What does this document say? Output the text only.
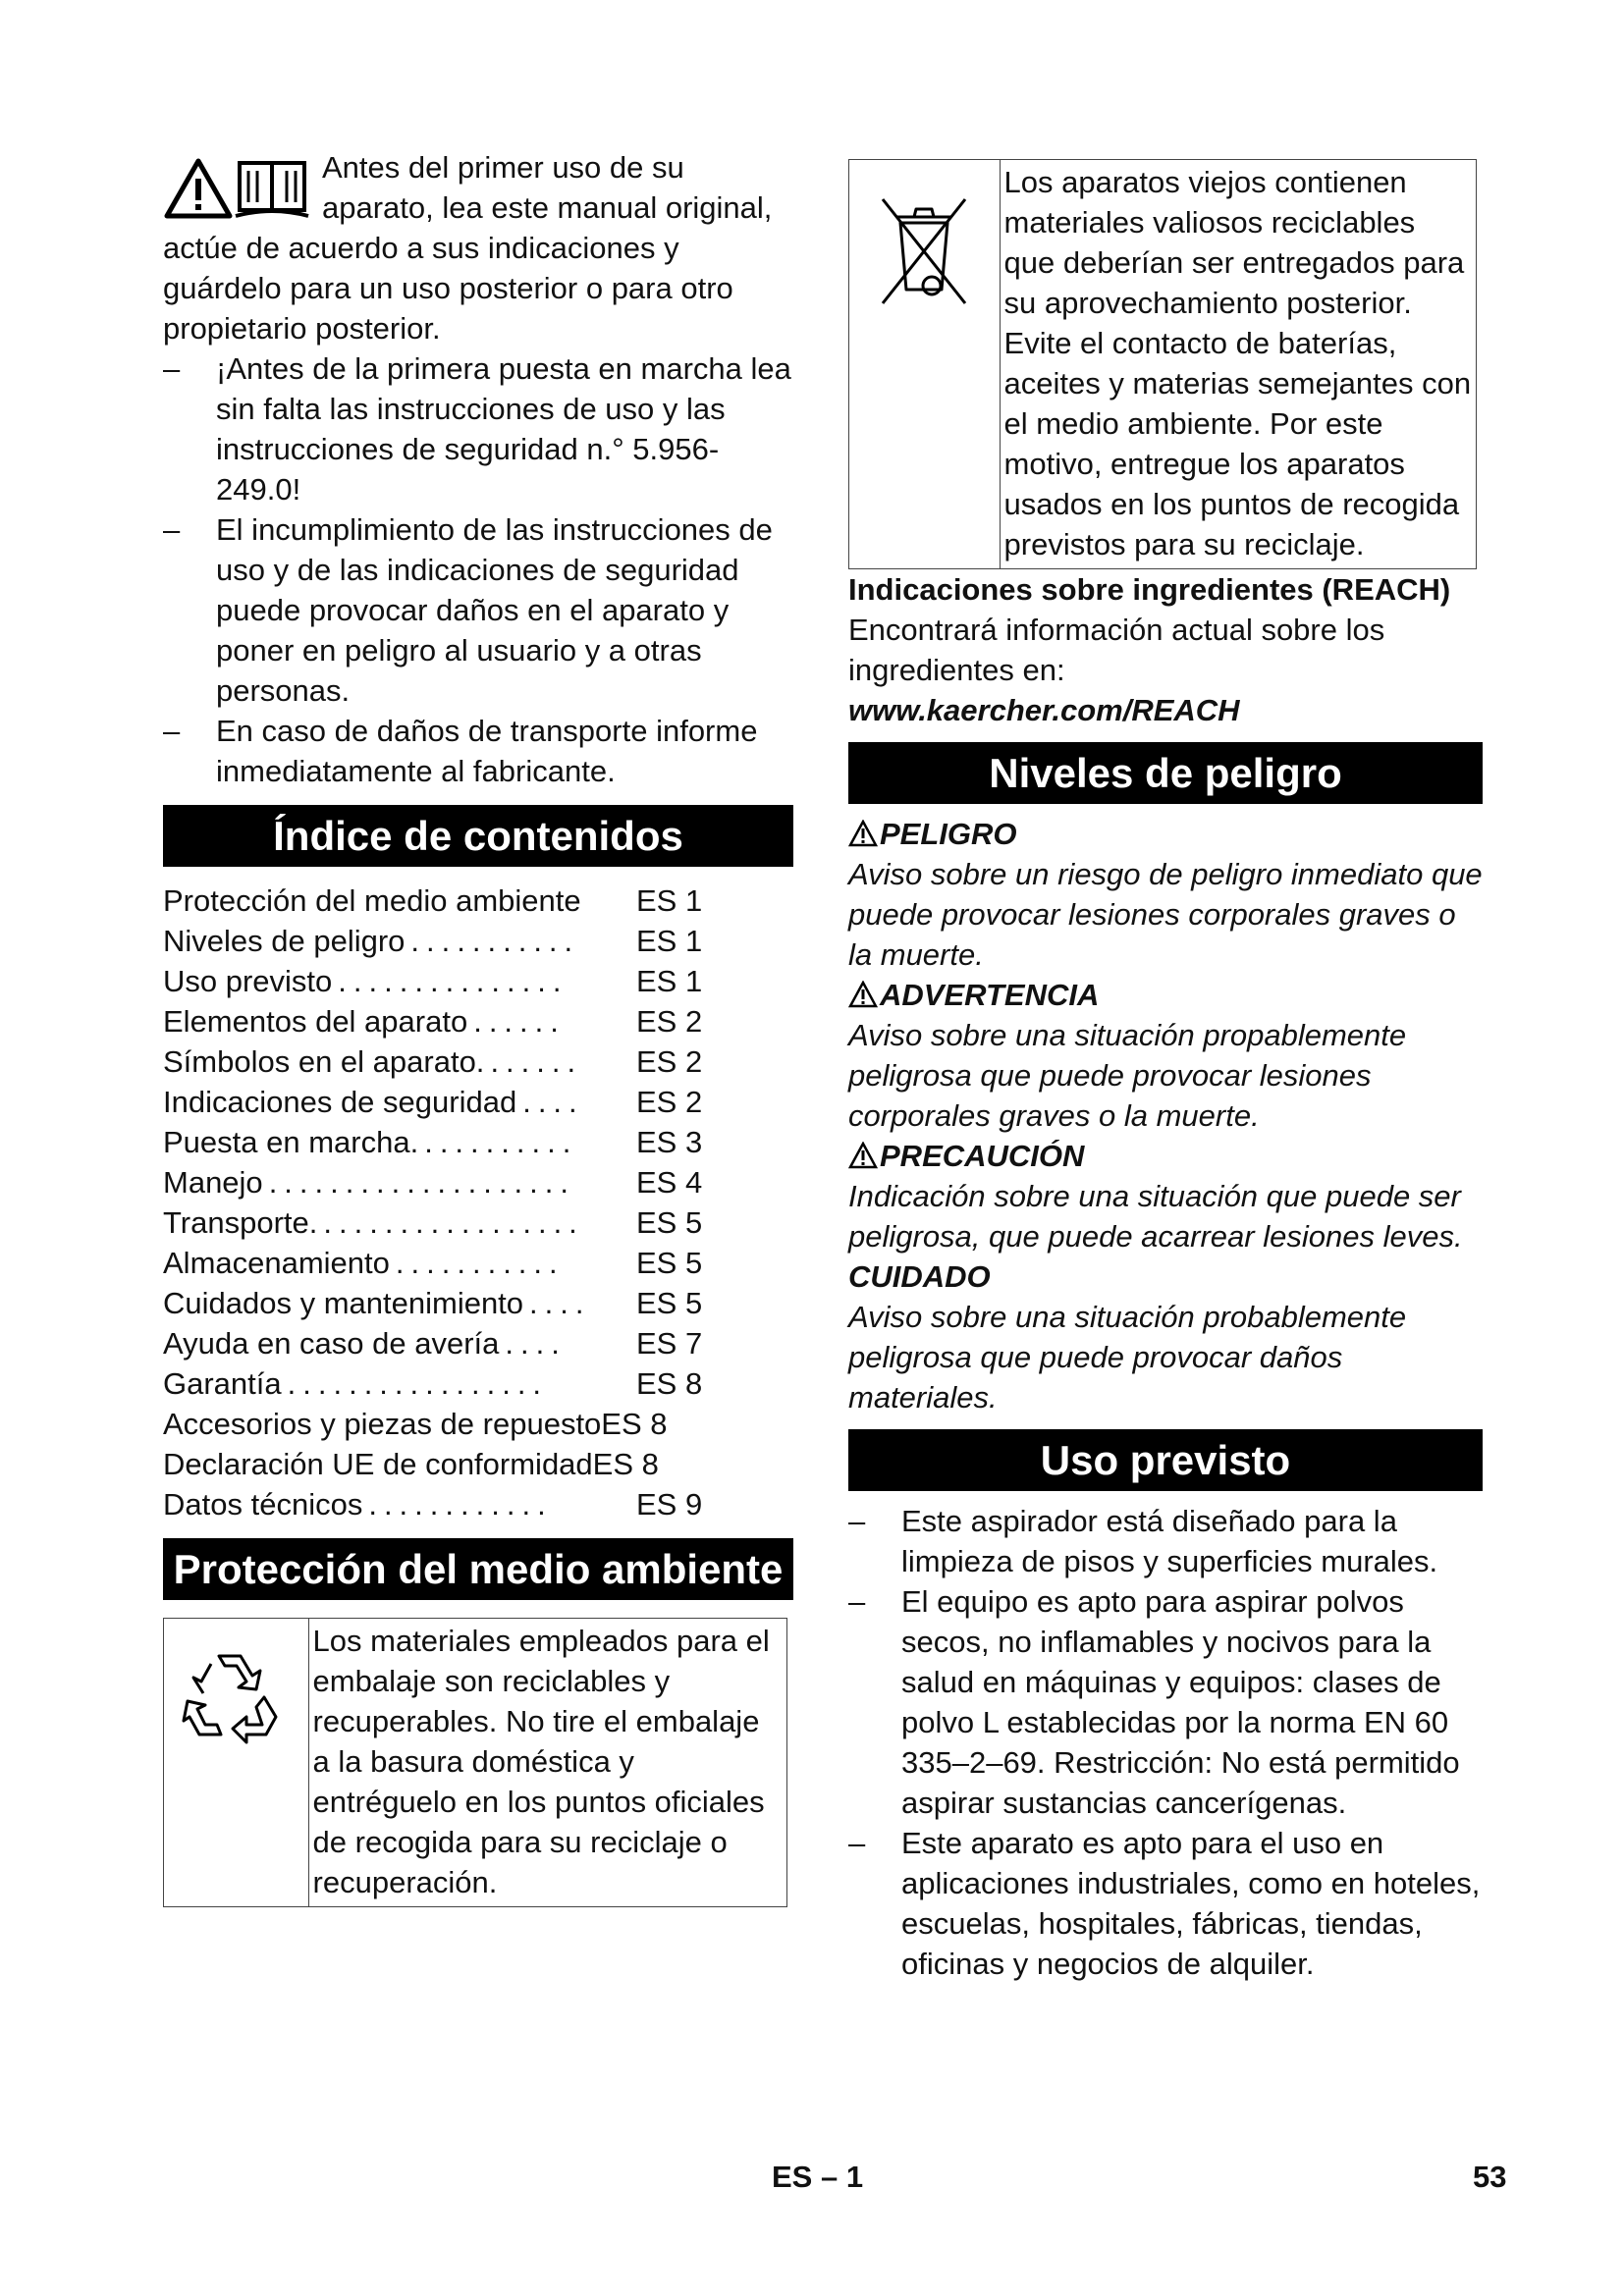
Antes del primer uso de su aparato, lea este manual original, actúe de acuerdo a sus indicaciones y guárdelo para un uso posterior o para otro propietario posterior.
– ¡Antes de la primera puesta en marcha lea sin falta las instrucciones de uso y las instrucciones de seguridad n.° 5.956-249.0!
– El incumplimiento de las instrucciones de uso y de las indicaciones de seguridad puede provocar daños en el aparato y poner en peligro al usuario y a otras personas.
– En caso de daños de transporte informe inmediatamente al fabricante.
Índice de contenidos
Protección del medio ambiente ES 1
Niveles de peligro ...........	ES 1
Uso previsto ...............	ES 1
Elementos del aparato ......	ES 2
Símbolos en el aparato. ......	ES 2
Indicaciones de seguridad ....	ES 2
Puesta en marcha. ..........	ES 3
Manejo ....................	ES 4
Transporte. .................	ES 5
Almacenamiento ...........	ES 5
Cuidados y mantenimiento ....	ES 5
Ayuda en caso de avería ....	ES 7
Garantía .................	ES 8
Accesorios y piezas de repuesto ES 8
Declaración UE de conformidad ES 8
Datos técnicos ............	ES 9
Protección del medio ambiente
Los materiales empleados para el embalaje son reciclables y recuperables. No tire el embalaje a la basura doméstica y entréguelo en los puntos oficiales de recogida para su reciclaje o recuperación.
Los aparatos viejos contienen materiales valiosos reciclables que deberían ser entregados para su aprovechamiento posterior. Evite el contacto de baterías, aceites y materias semejantes con el medio ambiente. Por este motivo, entregue los aparatos usados en los puntos de recogida previstos para su reciclaje.
Indicaciones sobre ingredientes (REACH)
Encontrará información actual sobre los ingredientes en:
www.kaercher.com/REACH
Niveles de peligro
PELIGRO
Aviso sobre un riesgo de peligro inmediato que puede provocar lesiones corporales graves o la muerte.
ADVERTENCIA
Aviso sobre una situación propablemente peligrosa que puede provocar lesiones corporales graves o la muerte.
PRECAUCIÓN
Indicación sobre una situación que puede ser peligrosa, que puede acarrear lesiones leves.
CUIDADO
Aviso sobre una situación probablemente peligrosa que puede provocar daños materiales.
Uso previsto
– Este aspirador está diseñado para la limpieza de pisos y superficies murales.
– El equipo es apto para aspirar polvos secos, no inflamables y nocivos para la salud en máquinas y equipos: clases de polvo L establecidas por la norma EN 60 335–2–69. Restricción: No está permitido aspirar sustancias cancerígenas.
– Este aparato es apto para el uso en aplicaciones industriales, como en hoteles, escuelas, hospitales, fábricas, tiendas, oficinas y negocios de alquiler.
ES – 1	53
